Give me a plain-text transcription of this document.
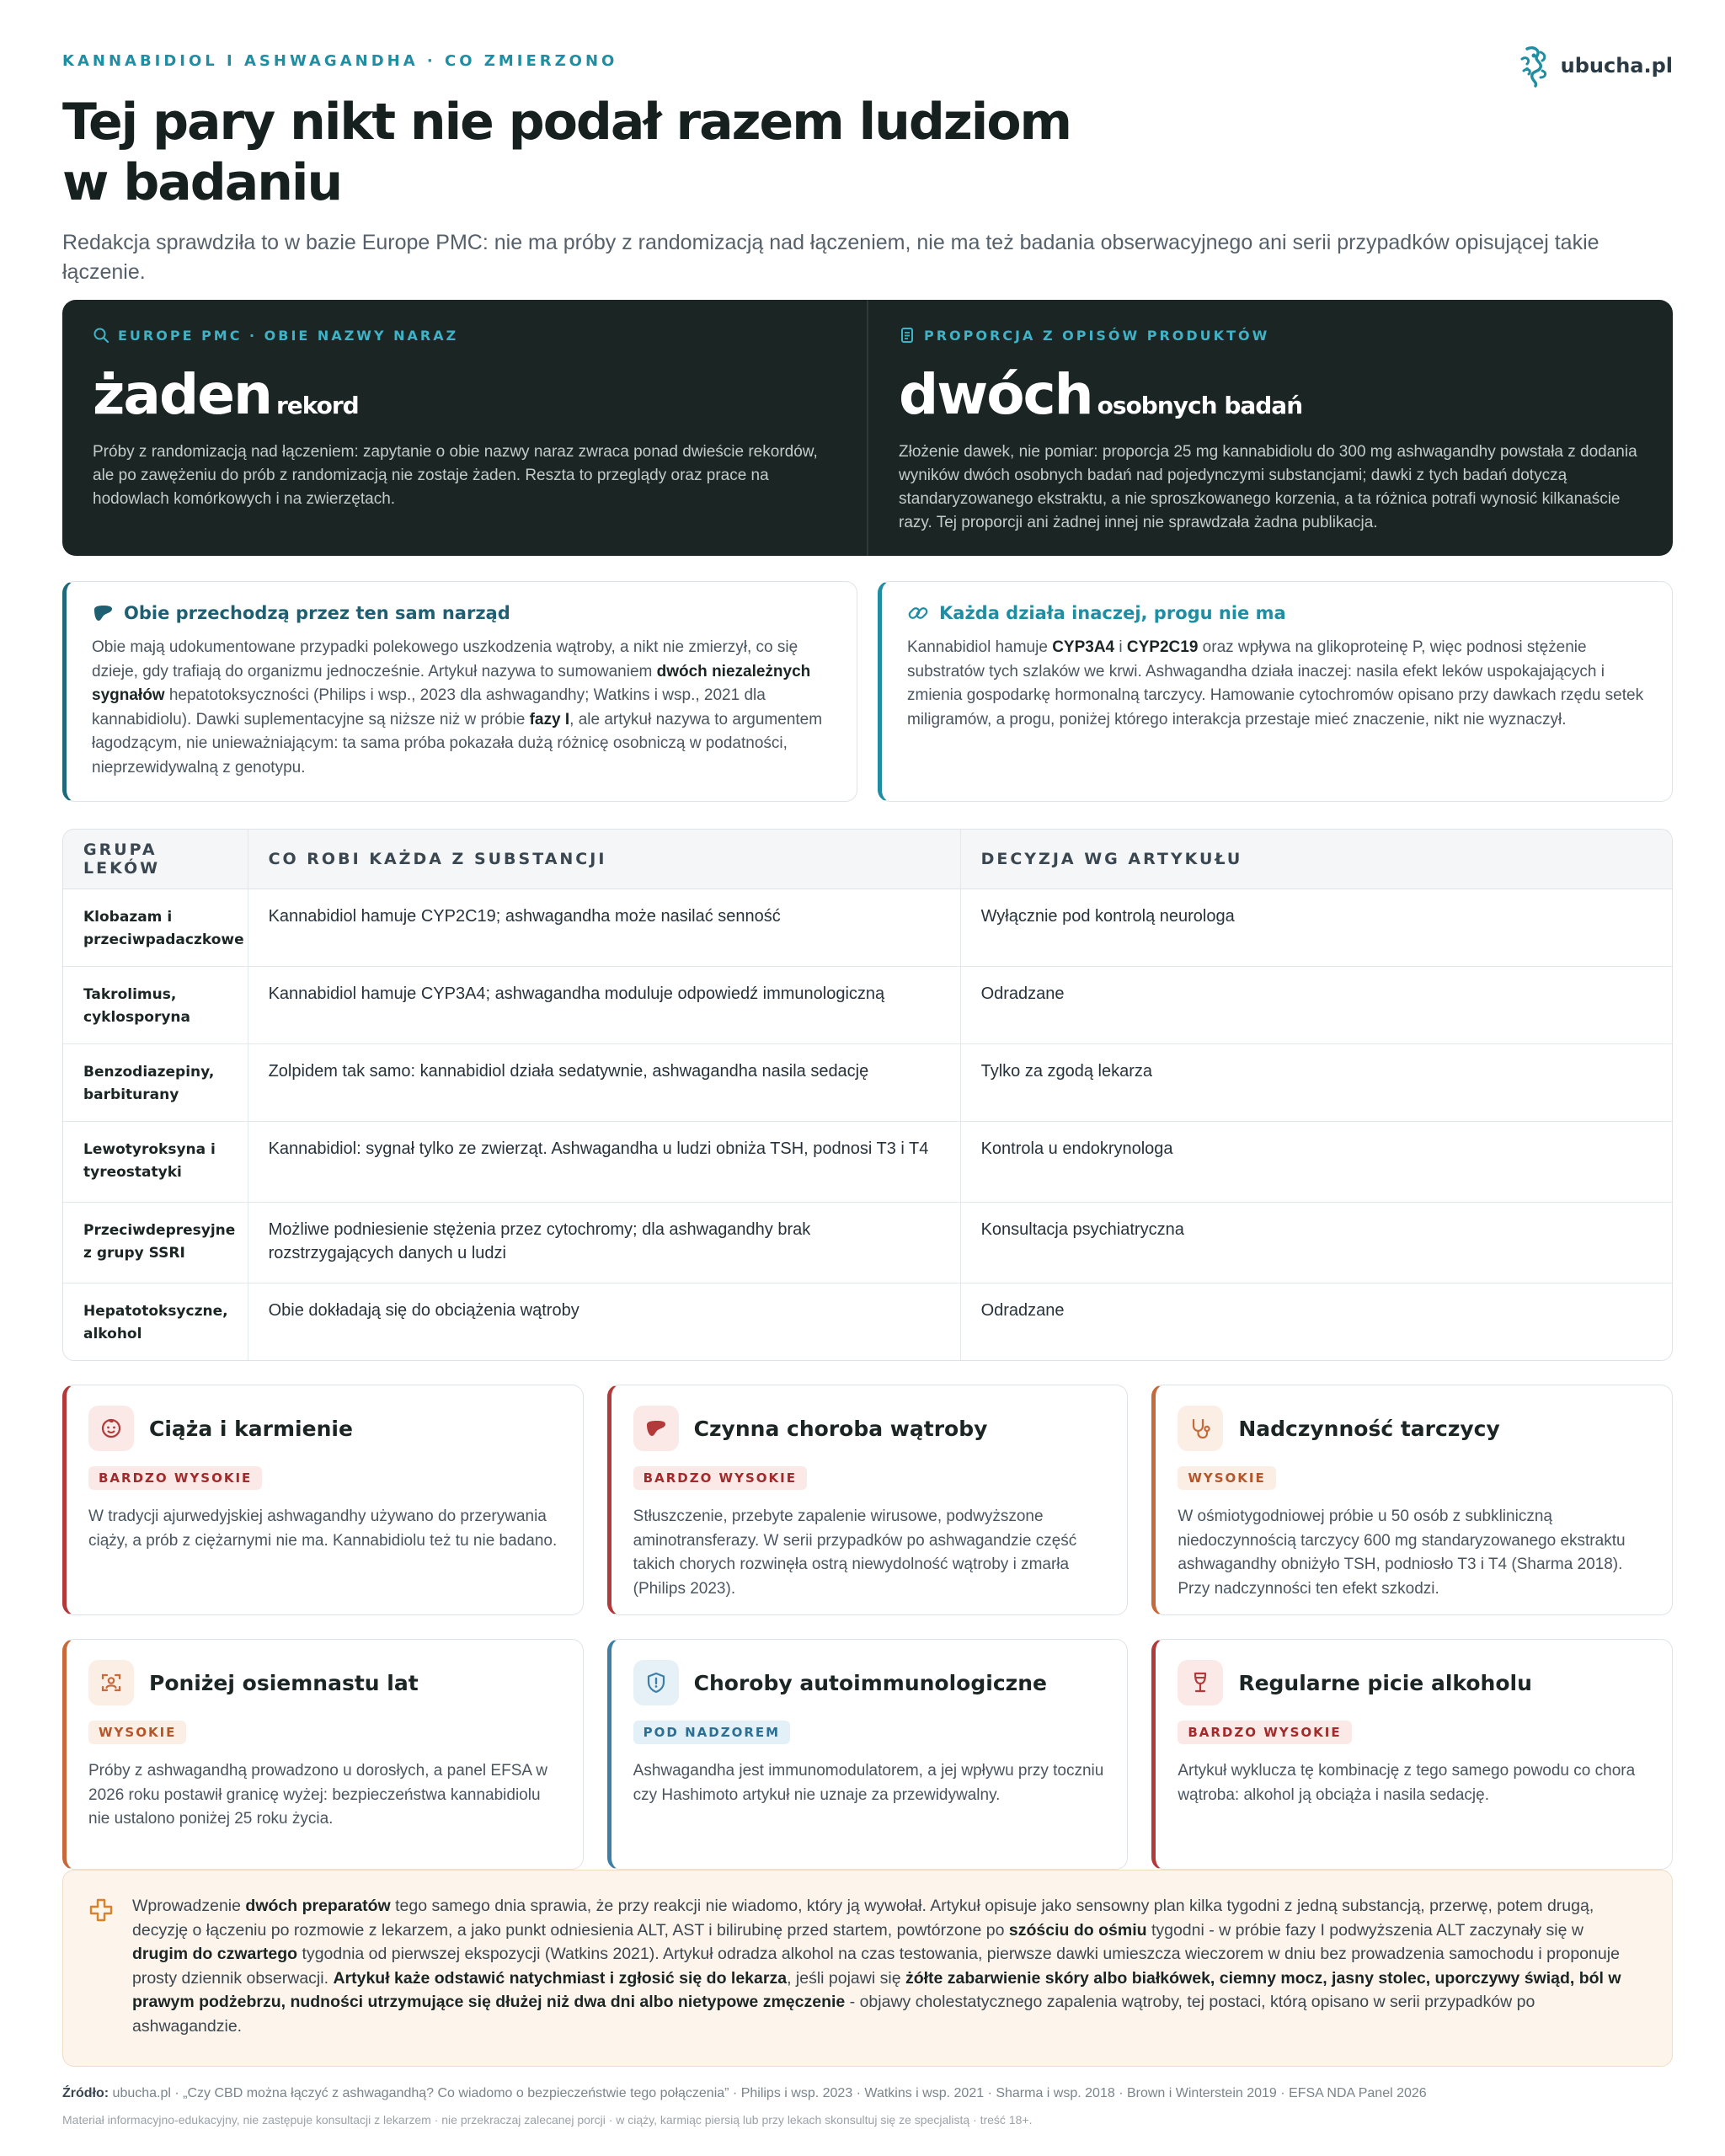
KANNABIDIOL I ASHWAGANDHA · CO ZMIERZONO	ubucha.pl
Tej pary nikt nie podał razem ludziom w badaniu

Redakcja sprawdziła to w bazie Europe PMC: nie ma próby z randomizacją nad łączeniem, nie ma też badania obserwacyjnego ani serii przypadków opisującej takie łączenie.

EUROPE PMC · OBIE NAZWY NARAZ
żaden rekord

Próby z randomizacją nad łączeniem: zapytanie o obie nazwy naraz zwraca ponad dwieście rekordów, ale po zawężeniu do prób z randomizacją nie zostaje żaden. Reszta to przeglądy oraz prace na hodowlach komórkowych i na zwierzętach.

PROPORCJA Z OPISÓW PRODUKTÓW
dwóch osobnych badań

Złożenie dawek, nie pomiar: proporcja 25 mg kannabidiolu do 300 mg ashwagandhy powstała z dodania wyników dwóch osobnych badań nad pojedynczymi substancjami; dawki z tych badań dotyczą standaryzowanego ekstraktu, a nie sproszkowanego korzenia, a ta różnica potrafi wynosić kilkanaście razy. Tej proporcji ani żadnej innej nie sprawdzała żadna publikacja.

Obie przechodzą przez ten sam narząd

Obie mają udokumentowane przypadki polekowego uszkodzenia wątroby, a nikt nie zmierzył, co się dzieje, gdy trafiają do organizmu jednocześnie. Artykuł nazywa to sumowaniem dwóch niezależnych sygnałów hepatotoksyczności (Philips i wsp., 2023 dla ashwagandhy; Watkins i wsp., 2021 dla kannabidiolu). Dawki suplementacyjne są niższe niż w próbie fazy I, ale artykuł nazywa to argumentem łagodzącym, nie unieważniającym: ta sama próba pokazała dużą różnicę osobniczą w podatności, nieprzewidywalną z genotypu.

Każda działa inaczej, progu nie ma

Kannabidiol hamuje CYP3A4 i CYP2C19 oraz wpływa na glikoproteinę P, więc podnosi stężenie substratów tych szlaków we krwi. Ashwagandha działa inaczej: nasila efekt leków uspokajających i zmienia gospodarkę hormonalną tarczycy. Hamowanie cytochromów opisano przy dawkach rzędu setek miligramów, a progu, poniżej którego interakcja przestaje mieć znaczenie, nikt nie wyznaczył.

GRUPA LEKÓW	CO ROBI KAŻDA Z SUBSTANCJI	DECYZJA WG ARTYKUŁU
Klobazam i przeciwpadaczkowe	Kannabidiol hamuje CYP2C19; ashwagandha może nasilać senność	Wyłącznie pod kontrolą neurologa
Takrolimus, cyklosporyna	Kannabidiol hamuje CYP3A4; ashwagandha moduluje odpowiedź immunologiczną	Odradzane
Benzodiazepiny, barbiturany	Zolpidem tak samo: kannabidiol działa sedatywnie, ashwagandha nasila sedację	Tylko za zgodą lekarza
Lewotyroksyna i tyreostatyki	Kannabidiol: sygnał tylko ze zwierząt. Ashwagandha u ludzi obniża TSH, podnosi T3 i T4	Kontrola u endokrynologa
Przeciwdepresyjne z grupy SSRI	Możliwe podniesienie stężenia przez cytochromy; dla ashwagandhy brak rozstrzygających danych u ludzi	Konsultacja psychiatryczna
Hepatotoksyczne, alkohol	Obie dokładają się do obciążenia wątroby	Odradzane
Ciąża i karmienie
BARDZO WYSOKIE

W tradycji ajurwedyjskiej ashwagandhy używano do przerywania ciąży, a prób z ciężarnymi nie ma. Kannabidiolu też tu nie badano.

Czynna choroba wątroby
BARDZO WYSOKIE

Stłuszczenie, przebyte zapalenie wirusowe, podwyższone aminotransferazy. W serii przypadków po ashwagandzie część takich chorych rozwinęła ostrą niewydolność wątroby i zmarła (Philips 2023).

Nadczynność tarczycy
WYSOKIE

W ośmiotygodniowej próbie u 50 osób z subkliniczną niedoczynnością tarczycy 600 mg standaryzowanego ekstraktu ashwagandhy obniżyło TSH, podniosło T3 i T4 (Sharma 2018). Przy nadczynności ten efekt szkodzi.

Poniżej osiemnastu lat
WYSOKIE

Próby z ashwagandhą prowadzono u dorosłych, a panel EFSA w 2026 roku postawił granicę wyżej: bezpieczeństwa kannabidiolu nie ustalono poniżej 25 roku życia.

Choroby autoimmunologiczne
POD NADZOREM

Ashwagandha jest immunomodulatorem, a jej wpływu przy toczniu czy Hashimoto artykuł nie uznaje za przewidywalny.

Regularne picie alkoholu
BARDZO WYSOKIE

Artykuł wyklucza tę kombinację z tego samego powodu co chora wątroba: alkohol ją obciąża i nasila sedację.

Wprowadzenie dwóch preparatów tego samego dnia sprawia, że przy reakcji nie wiadomo, który ją wywołał. Artykuł opisuje jako sensowny plan kilka tygodni z jedną substancją, przerwę, potem drugą, decyzję o łączeniu po rozmowie z lekarzem, a jako punkt odniesienia ALT, AST i bilirubinę przed startem, powtórzone po szóściu do ośmiu tygodni - w próbie fazy I podwyższenia ALT zaczynały się w drugim do czwartego tygodnia od pierwszej ekspozycji (Watkins 2021). Artykuł odradza alkohol na czas testowania, pierwsze dawki umieszcza wieczorem w dniu bez prowadzenia samochodu i proponuje prosty dziennik obserwacji. Artykuł każe odstawić natychmiast i zgłosić się do lekarza, jeśli pojawi się żółte zabarwienie skóry albo białkówek, ciemny mocz, jasny stolec, uporczywy świąd, ból w prawym podżebrzu, nudności utrzymujące się dłużej niż dwa dni albo nietypowe zmęczenie - objawy cholestatycznego zapalenia wątroby, tej postaci, którą opisano w serii przypadków po ashwagandzie.

Źródło: ubucha.pl · „Czy CBD można łączyć z ashwagandhą? Co wiadomo o bezpieczeństwie tego połączenia” · Philips i wsp. 2023 · Watkins i wsp. 2021 · Sharma i wsp. 2018 · Brown i Winterstein 2019 · EFSA NDA Panel 2026

Materiał informacyjno-edukacyjny, nie zastępuje konsultacji z lekarzem · nie przekraczaj zalecanej porcji · w ciąży, karmiąc piersią lub przy lekach skonsultuj się ze specjalistą · treść 18+.
